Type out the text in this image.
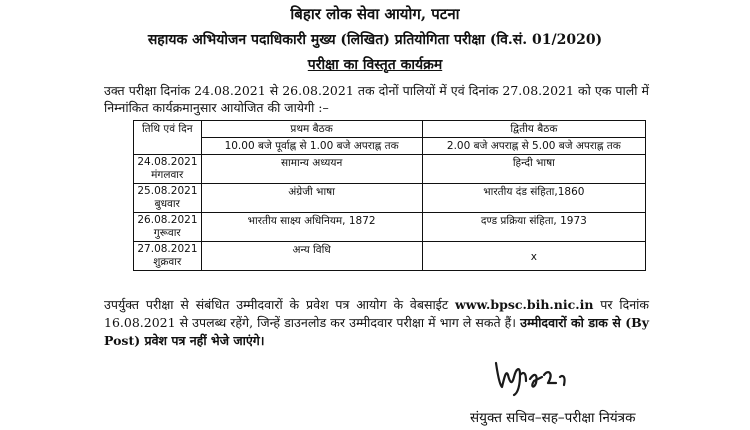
बिहार लोक सेवा आयोग, पटना
सहायक अभियोजन पदाधिकारी मुख्य (लिखित) प्रतियोगिता परीक्षा (वि.सं. 01/2020)
परीक्षा का विस्तृत कार्यक्रम
उक्त परीक्षा दिनांक 24.08.2021 से 26.08.2021 तक दोनों पालियों में एवं दिनांक 27.08.2021 को एक पाली में निम्नांकित कार्यक्रमानुसार आयोजित की जायेगी :–
तिथि एवं दिन	प्रथम बैठक	द्वितीय बैठक
	10.00 बजे पूर्वाह्न से 1.00 बजे अपराह्न तक	2.00 बजे अपराह्न से 5.00 बजे अपराह्न तक

24.08.2021
मंगलवार	सामान्य अध्ययन	हिन्दी भाषा

25.08.2021
बुधवार	अंग्रेजी भाषा	भारतीय दंड संहिता,1860

26.08.2021
गुरूवार	भारतीय साक्ष्य अधिनियम, 1872	दण्ड प्रक्रिया संहिता, 1973

27.08.2021
शुक्रवार	अन्य विधि	x
उपर्युक्त परीक्षा से संबंधित उम्मीदवारों के प्रवेश पत्र आयोग के वेबसाईट www.bpsc.bih.nic.in पर दिनांक 16.08.2021 से उपलब्ध रहेंगे, जिन्हें डाउनलोड कर उम्मीदवार परीक्षा में भाग ले सकते हैं। उम्मीदवारों को डाक से (By Post) प्रवेश पत्र नहीं भेजे जाएंगे।
संयुक्त सचिव–सह–परीक्षा नियंत्रक
